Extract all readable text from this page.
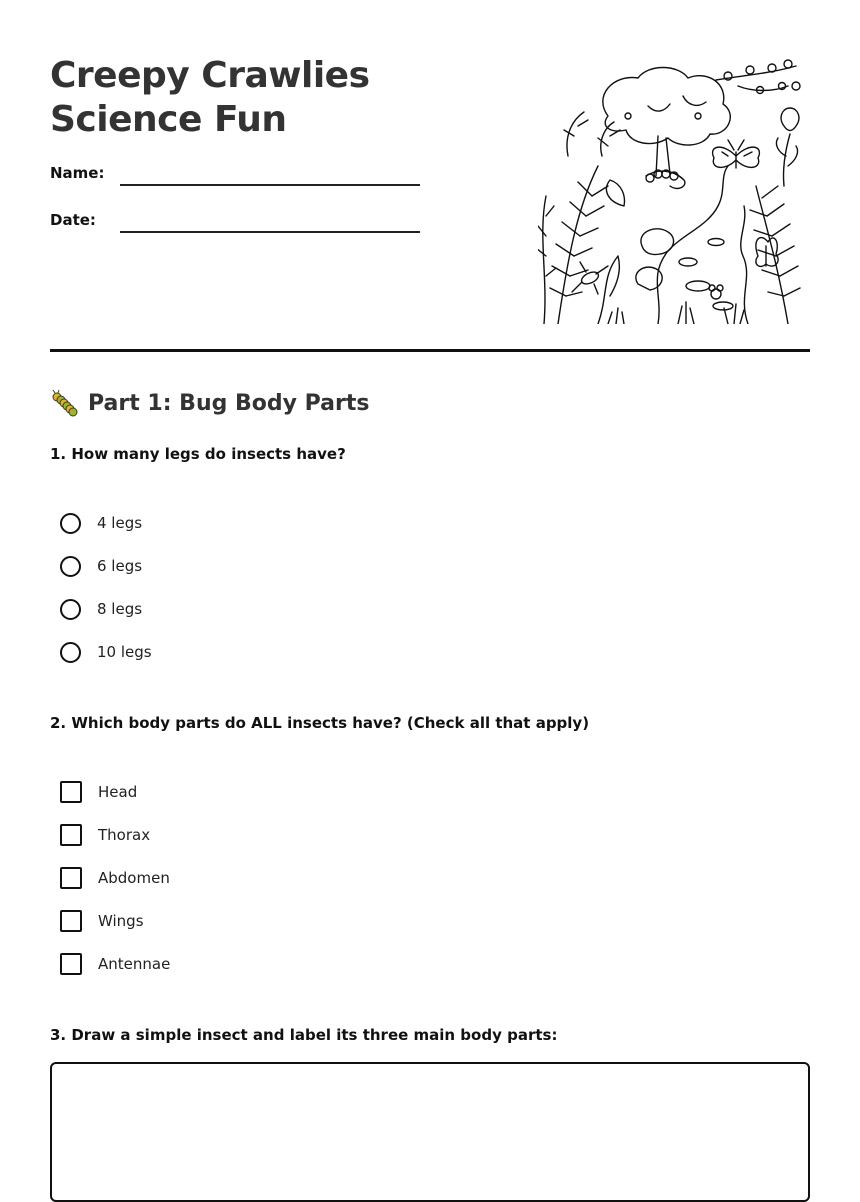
Creepy Crawlies Science Fun
Name:
Date:
Part 1: Bug Body Parts

1. How many legs do insects have?

4 legs
6 legs
8 legs
10 legs

2. Which body parts do ALL insects have? (Check all that apply)

Head
Thorax
Abdomen
Wings
Antennae

3. Draw a simple insect and label its three main body parts:
